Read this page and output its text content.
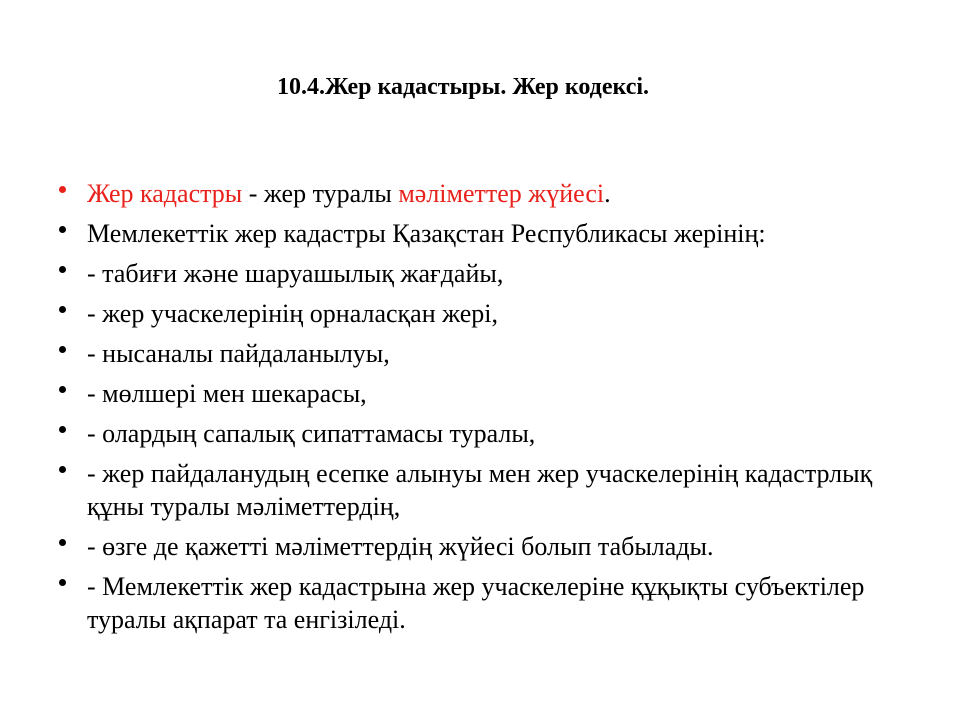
10.4.Жер кадастыры. Жер кодексі.
Жер кадастры - жер туралы мәліметтер жүйесі.
Мемлекеттік жер кадастры Қазақстан Республикасы жерінің:
- табиғи және шаруашылық жағдайы,
- жер учаскелерінің орналасқан жері,
- нысаналы пайдаланылуы,
- мөлшері мен шекарасы,
- олардың сапалық сипаттамасы туралы,
- жер пайдаланудың есепке алынуы мен жер учаскелерінің кадастрлық құны туралы мәліметтердің,
- өзге де қажетті мәліметтердің жүйесі болып табылады.
- Мемлекеттік жер кадастрына жер учаскелеріне құқықты субъектілер туралы ақпарат та енгізіледі.
